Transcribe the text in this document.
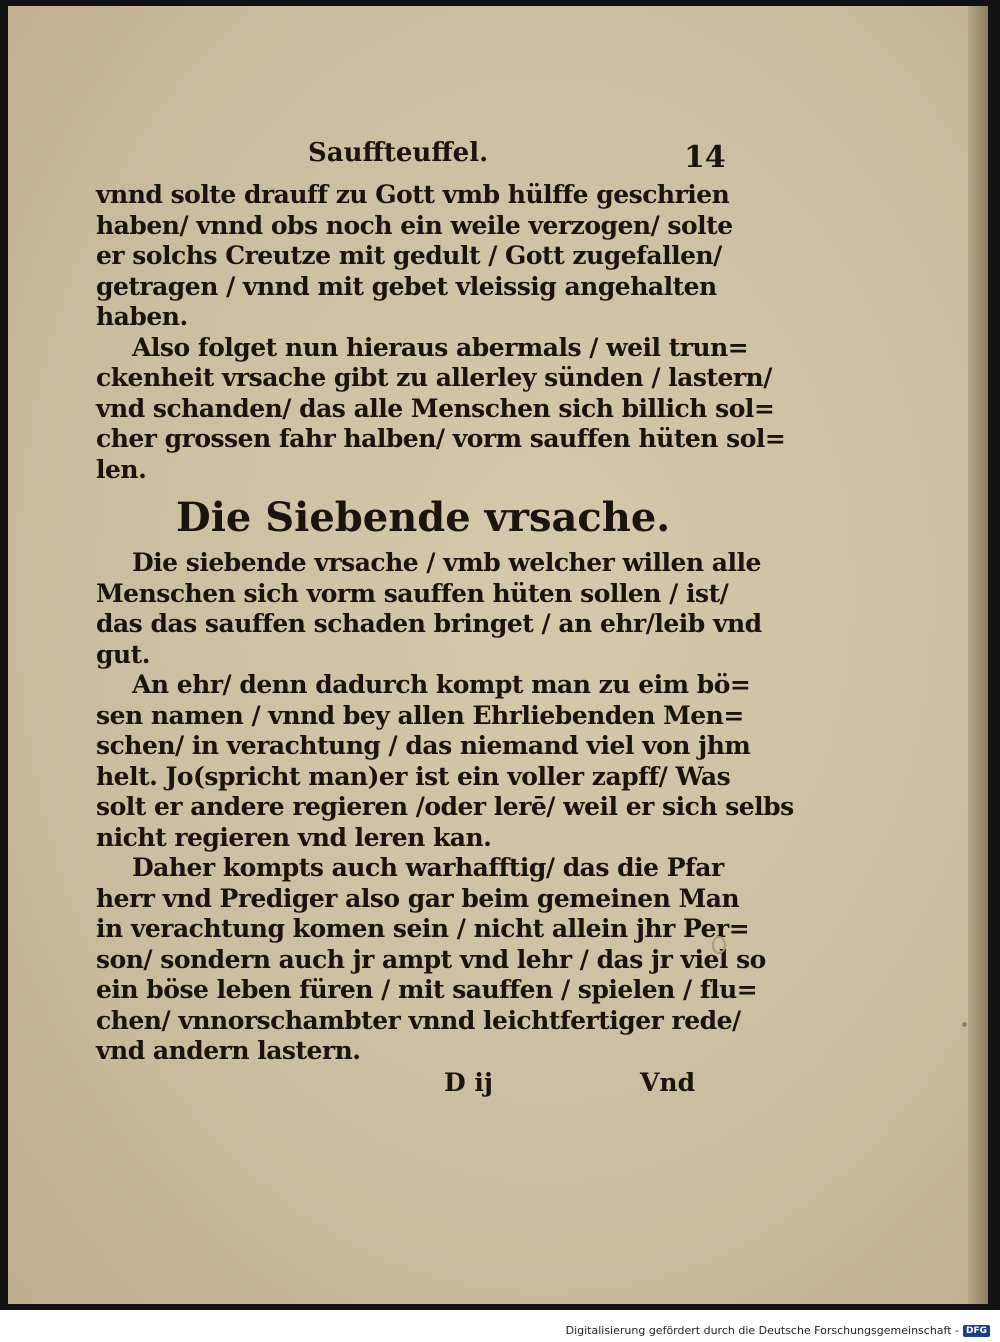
Sauffteuffel.	14
vnnd solte drauff zu Gott vmb hülffe geschrien
haben/ vnnd obs noch ein weile verzogen/ solte
er solchs Creutze mit gedult / Gott zugefallen/
getragen / vnnd mit gebet vleissig angehalten
haben.
Also folget nun hieraus abermals / weil trun=
ckenheit vrsache gibt zu allerley sünden / lastern/
vnd schanden/ das alle Menschen sich billich sol=
cher grossen fahr halben/ vorm sauffen hüten sol=
len.
Die Siebende vrsache.
Die siebende vrsache / vmb welcher willen alle
Menschen sich vorm sauffen hüten sollen / ist/
das das sauffen schaden bringet / an ehr/leib vnd
gut.
An ehr/ denn dadurch kompt man zu eim bö=
sen namen / vnnd bey allen Ehrliebenden Men=
schen/ in verachtung / das niemand viel von jhm
helt. Jo(spricht man)er ist ein voller zapff/ Was
solt er andere regieren /oder lerē/ weil er sich selbs
nicht regieren vnd leren kan.
Daher kompts auch warhafftig/ das die Pfar
herr vnd Prediger also gar beim gemeinen Man
in verachtung komen sein / nicht allein jhr Per=
son/ sondern auch jr ampt vnd lehr / das jr viel so
ein böse leben füren / mit sauffen / spielen / flu=
chen/ vnnorschambter vnnd leichtfertiger rede/
vnd andern lastern.
D ij	Vnd
Digitalisierung gefördert durch die Deutsche Forschungsgemeinschaft - DFG
